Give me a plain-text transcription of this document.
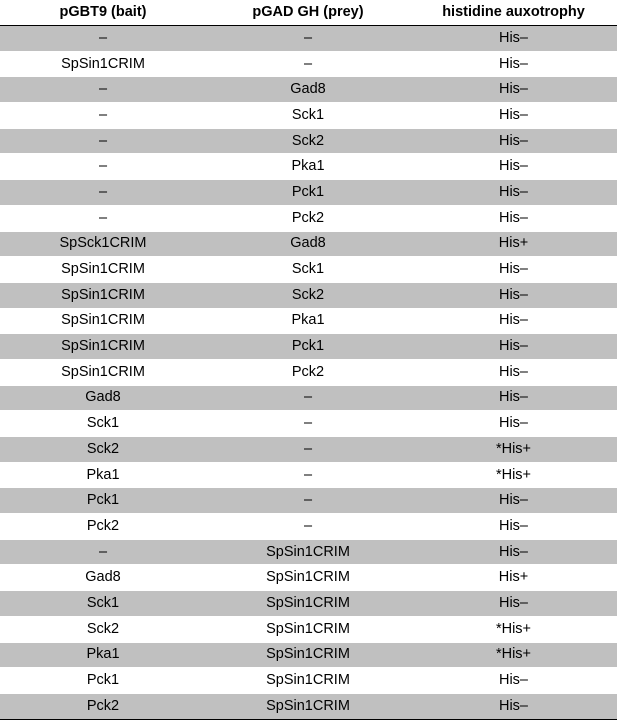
pGBT9 (bait)	pGAD GH (prey)	histidine auxotrophy
–	–	His–
SpSin1CRIM	–	His–
–	Gad8	His–
–	Sck1	His–
–	Sck2	His–
–	Pka1	His–
–	Pck1	His–
–	Pck2	His–
SpSck1CRIM	Gad8	His+
SpSin1CRIM	Sck1	His–
SpSin1CRIM	Sck2	His–
SpSin1CRIM	Pka1	His–
SpSin1CRIM	Pck1	His–
SpSin1CRIM	Pck2	His–
Gad8	–	His–
Sck1	–	His–
Sck2	–	*His+
Pka1	–	*His+
Pck1	–	His–
Pck2	–	His–
–	SpSin1CRIM	His–
Gad8	SpSin1CRIM	His+
Sck1	SpSin1CRIM	His–
Sck2	SpSin1CRIM	*His+
Pka1	SpSin1CRIM	*His+
Pck1	SpSin1CRIM	His–
Pck2	SpSin1CRIM	His–
